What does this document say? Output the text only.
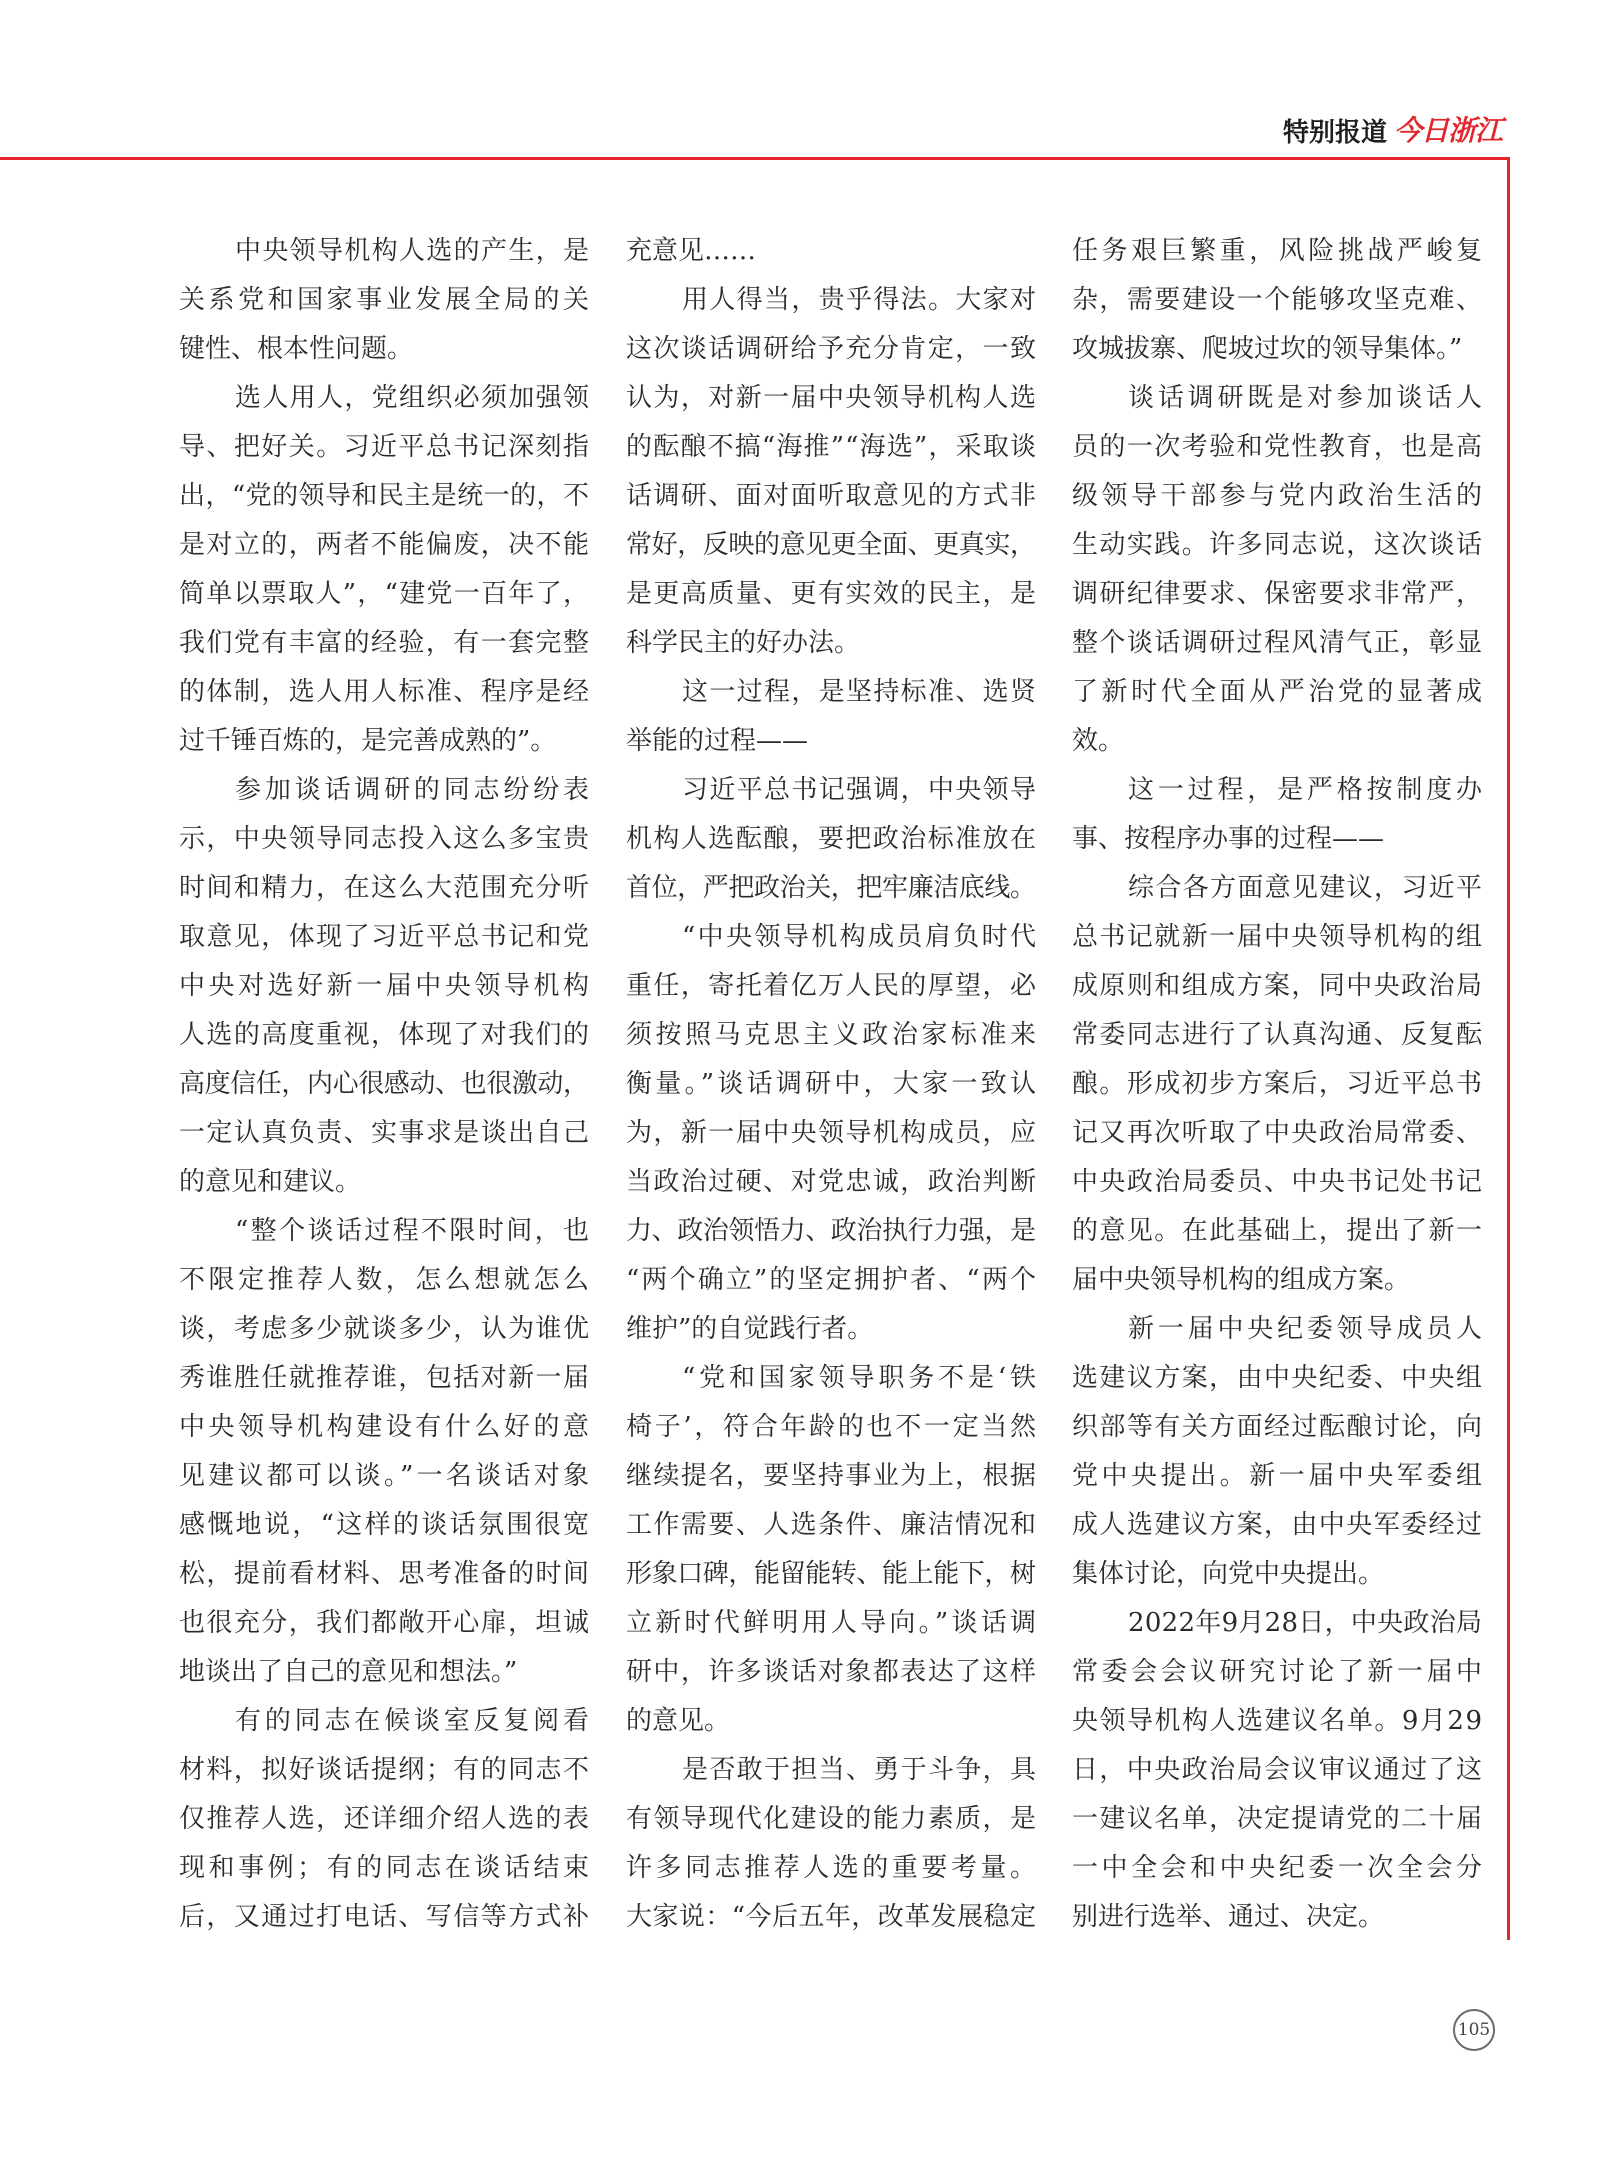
特别报道 今日浙江
中央领导机构人选的产生，是
关系党和国家事业发展全局的关
键性、根本性问题。
选人用人，党组织必须加强领
导、把好关。习近平总书记深刻指
出，“党的领导和民主是统一的，不
是对立的，两者不能偏废，决不能
简单以票取人”，“建党一百年了，
我们党有丰富的经验，有一套完整
的体制，选人用人标准、程序是经
过千锤百炼的，是完善成熟的”。
参加谈话调研的同志纷纷表
示，中央领导同志投入这么多宝贵
时间和精力，在这么大范围充分听
取意见，体现了习近平总书记和党
中央对选好新一届中央领导机构
人选的高度重视，体现了对我们的
高度信任，内心很感动、也很激动，
一定认真负责、实事求是谈出自己
的意见和建议。
“整个谈话过程不限时间，也
不限定推荐人数，怎么想就怎么
谈，考虑多少就谈多少，认为谁优
秀谁胜任就推荐谁，包括对新一届
中央领导机构建设有什么好的意
见建议都可以谈。”一名谈话对象
感慨地说，“这样的谈话氛围很宽
松，提前看材料、思考准备的时间
也很充分，我们都敞开心扉，坦诚
地谈出了自己的意见和想法。”
有的同志在候谈室反复阅看
材料，拟好谈话提纲；有的同志不
仅推荐人选，还详细介绍人选的表
现和事例；有的同志在谈话结束
后，又通过打电话、写信等方式补
充意见……
用人得当，贵乎得法。大家对
这次谈话调研给予充分肯定，一致
认为，对新一届中央领导机构人选
的酝酿不搞“海推”“海选”，采取谈
话调研、面对面听取意见的方式非
常好，反映的意见更全面、更真实，
是更高质量、更有实效的民主，是
科学民主的好办法。
这一过程，是坚持标准、选贤
举能的过程——
习近平总书记强调，中央领导
机构人选酝酿，要把政治标准放在
首位，严把政治关，把牢廉洁底线。
“中央领导机构成员肩负时代
重任，寄托着亿万人民的厚望，必
须按照马克思主义政治家标准来
衡量。”谈话调研中，大家一致认
为，新一届中央领导机构成员，应
当政治过硬、对党忠诚，政治判断
力、政治领悟力、政治执行力强，是
“两个确立”的坚定拥护者、“两个
维护”的自觉践行者。
“党和国家领导职务不是‘铁
椅子’，符合年龄的也不一定当然
继续提名，要坚持事业为上，根据
工作需要、人选条件、廉洁情况和
形象口碑，能留能转、能上能下，树
立新时代鲜明用人导向。”谈话调
研中，许多谈话对象都表达了这样
的意见。
是否敢于担当、勇于斗争，具
有领导现代化建设的能力素质，是
许多同志推荐人选的重要考量。
大家说：“今后五年，改革发展稳定
任务艰巨繁重，风险挑战严峻复
杂，需要建设一个能够攻坚克难、
攻城拔寨、爬坡过坎的领导集体。”
谈话调研既是对参加谈话人
员的一次考验和党性教育，也是高
级领导干部参与党内政治生活的
生动实践。许多同志说，这次谈话
调研纪律要求、保密要求非常严，
整个谈话调研过程风清气正，彰显
了新时代全面从严治党的显著成
效。
这一过程，是严格按制度办
事、按程序办事的过程——
综合各方面意见建议，习近平
总书记就新一届中央领导机构的组
成原则和组成方案，同中央政治局
常委同志进行了认真沟通、反复酝
酿。形成初步方案后，习近平总书
记又再次听取了中央政治局常委、
中央政治局委员、中央书记处书记
的意见。在此基础上，提出了新一
届中央领导机构的组成方案。
新一届中央纪委领导成员人
选建议方案，由中央纪委、中央组
织部等有关方面经过酝酿讨论，向
党中央提出。新一届中央军委组
成人选建议方案，由中央军委经过
集体讨论，向党中央提出。
2022年9月28日，中央政治局
常委会会议研究讨论了新一届中
央领导机构人选建议名单。9月29
日，中央政治局会议审议通过了这
一建议名单，决定提请党的二十届
一中全会和中央纪委一次全会分
别进行选举、通过、决定。
105
